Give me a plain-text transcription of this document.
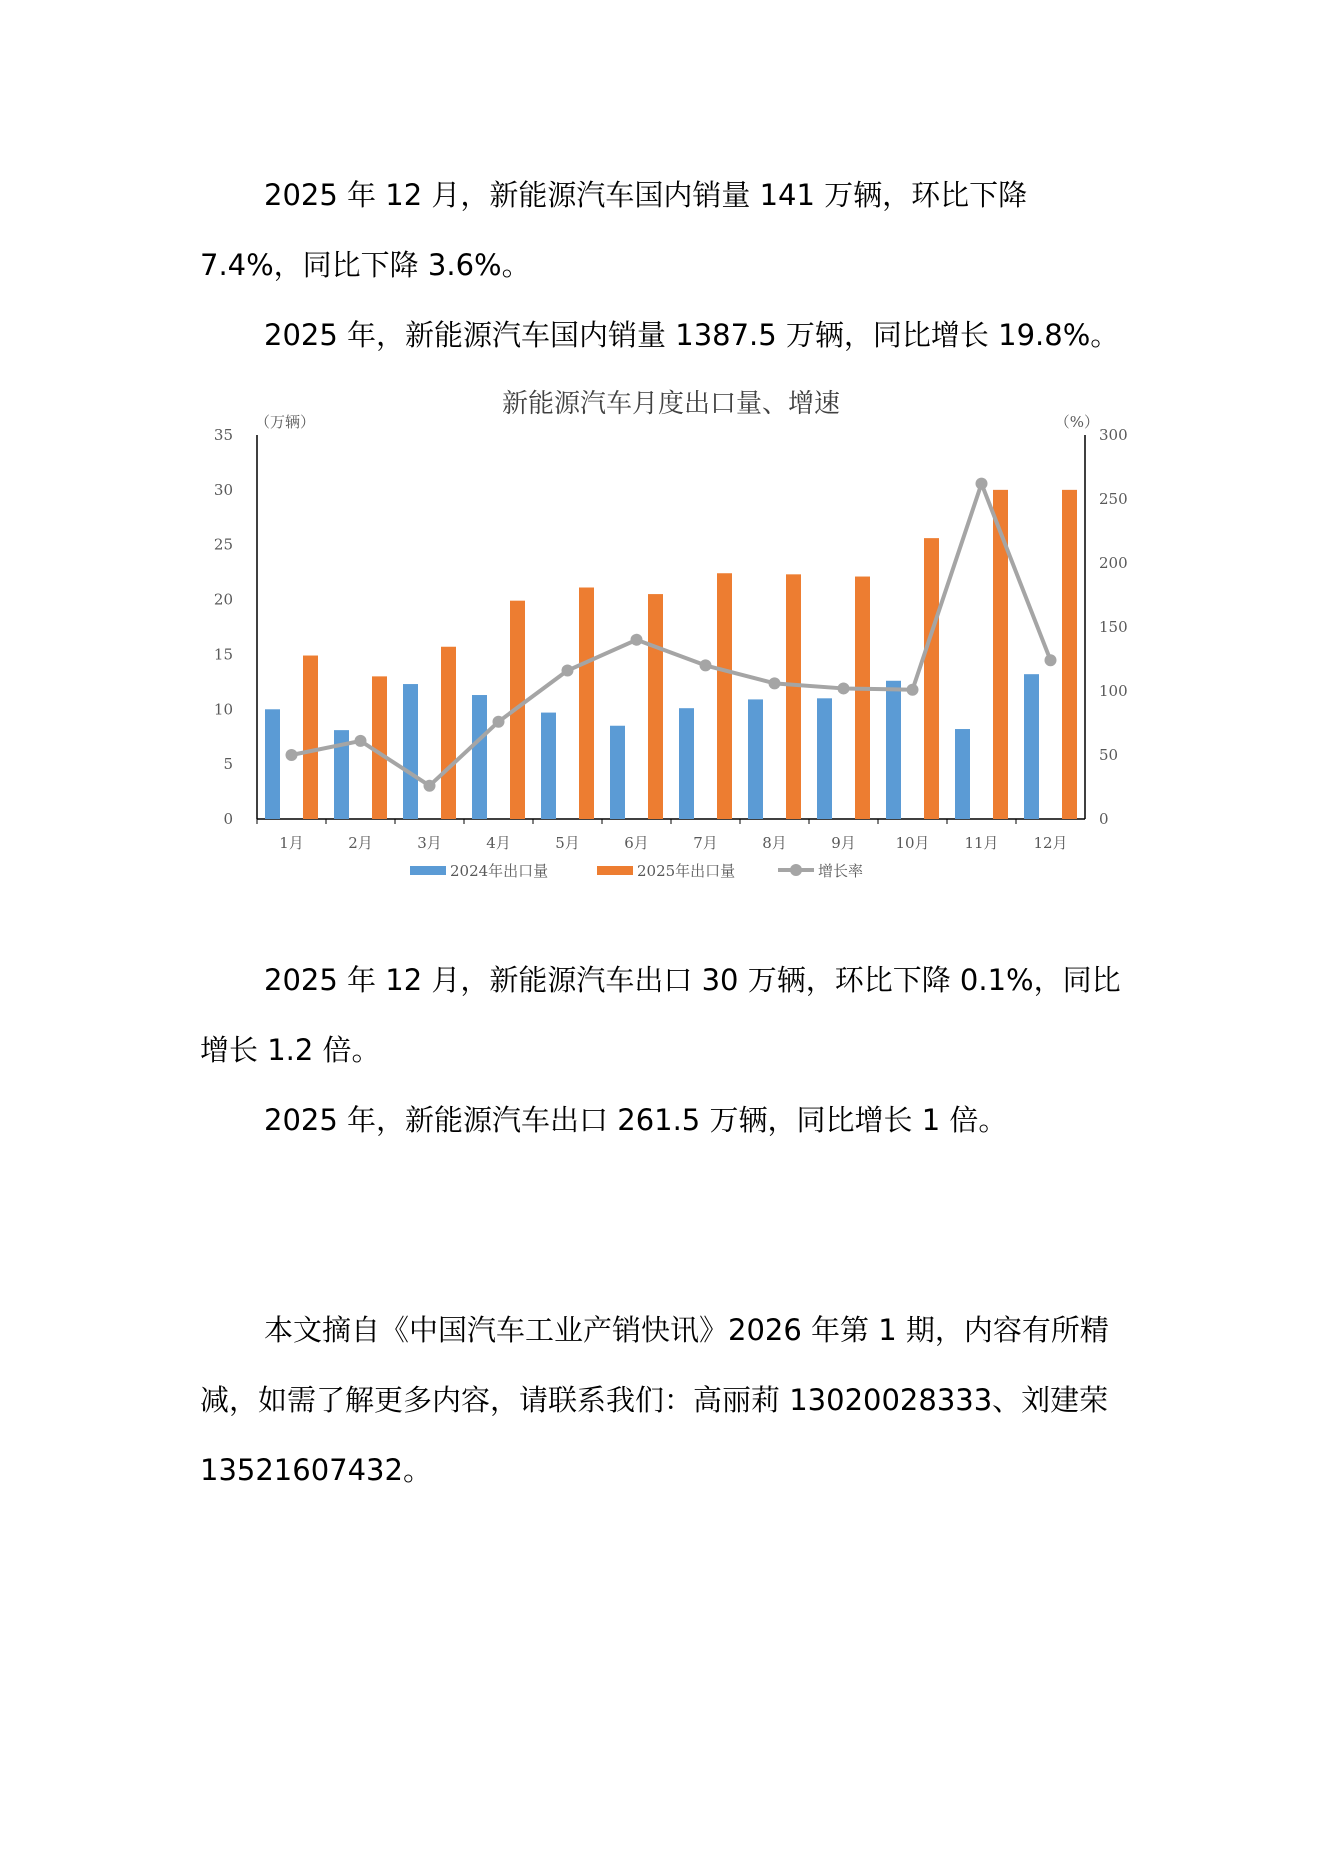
2025 年 12 月，新能源汽车国内销量 141 万辆，环比下降 7.4%，同比下降 3.6%。

2025 年，新能源汽车国内销量 1387.5 万辆，同比增长 19.8%。

新能源汽车月度出口量、增速
（万辆）	（%）
0
5
10
15
20
25
30
35
0
50
100
150
200
250
300
1月	2月	3月	4月	5月	6月	7月	8月	9月	10月 11月 12月
2024年出口量	2025年出口量	增长率

2025 年 12 月，新能源汽车出口 30 万辆，环比下降 0.1%，同比增长 1.2 倍。

2025 年，新能源汽车出口 261.5 万辆，同比增长 1 倍。

本文摘自《中国汽车工业产销快讯》2026 年第 1 期，内容有所精减，如需了解更多内容，请联系我们：高丽莉 13020028333、刘建荣 13521607432。
